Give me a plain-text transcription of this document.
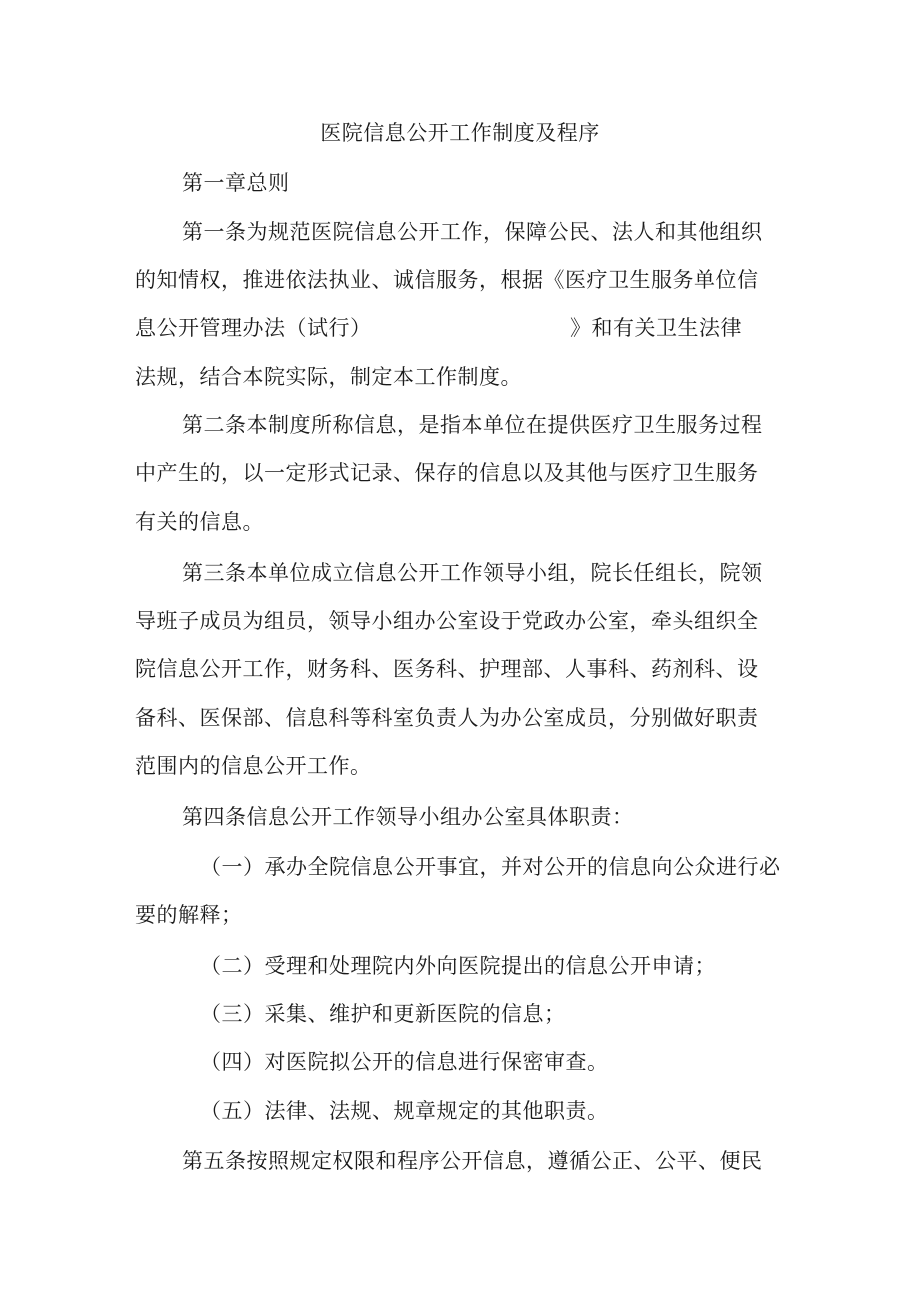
医院信息公开工作制度及程序
第一章总则
第一条为规范医院信息公开工作，保障公民、法人和其他组织
的知情权，推进依法执业、诚信服务，根据《医疗卫生服务单位信
息公开管理办法（试行）	》和有关卫生法律
法规，结合本院实际，制定本工作制度。
第二条本制度所称信息，是指本单位在提供医疗卫生服务过程
中产生的，以一定形式记录、保存的信息以及其他与医疗卫生服务
有关的信息。
第三条本单位成立信息公开工作领导小组，院长任组长，院领
导班子成员为组员，领导小组办公室设于党政办公室，牵头组织全
院信息公开工作，财务科、医务科、护理部、人事科、药剂科、设
备科、医保部、信息科等科室负责人为办公室成员，分别做好职责
范围内的信息公开工作。
第四条信息公开工作领导小组办公室具体职责：
（一）承办全院信息公开事宜，并对公开的信息向公众进行必
要的解释；
（二）受理和处理院内外向医院提出的信息公开申请；
（三）采集、维护和更新医院的信息；
（四）对医院拟公开的信息进行保密审查。
（五）法律、法规、规章规定的其他职责。
第五条按照规定权限和程序公开信息，遵循公正、公平、便民
